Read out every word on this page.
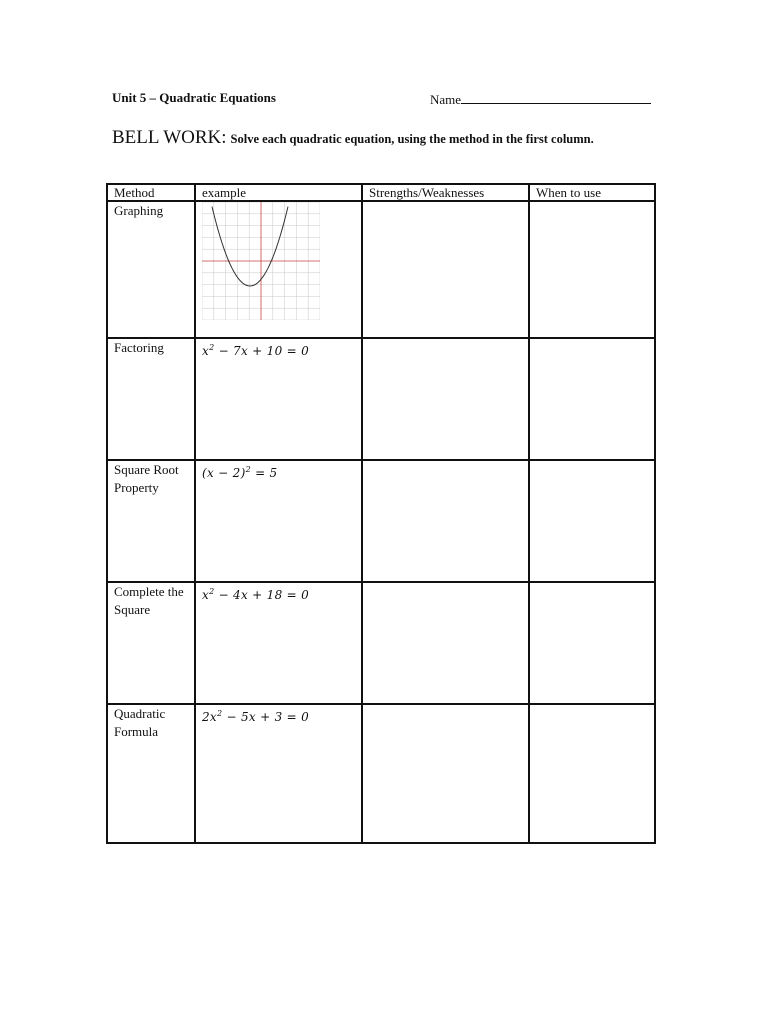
Unit 5 – Quadratic Equations	Name
BELL WORK: Solve each quadratic equation, using the method in the first column.
Method	example	Strengths/Weaknesses	When to use
Graphing	

Factoring	$x^2 - 7x + 10 = 0$		
Square Root Property	$(x - 2)^2 = 5$		
Complete the Square	$x^2 - 4x + 18 = 0$		
Quadratic Formula	$2x^2 - 5x + 3 = 0$		
